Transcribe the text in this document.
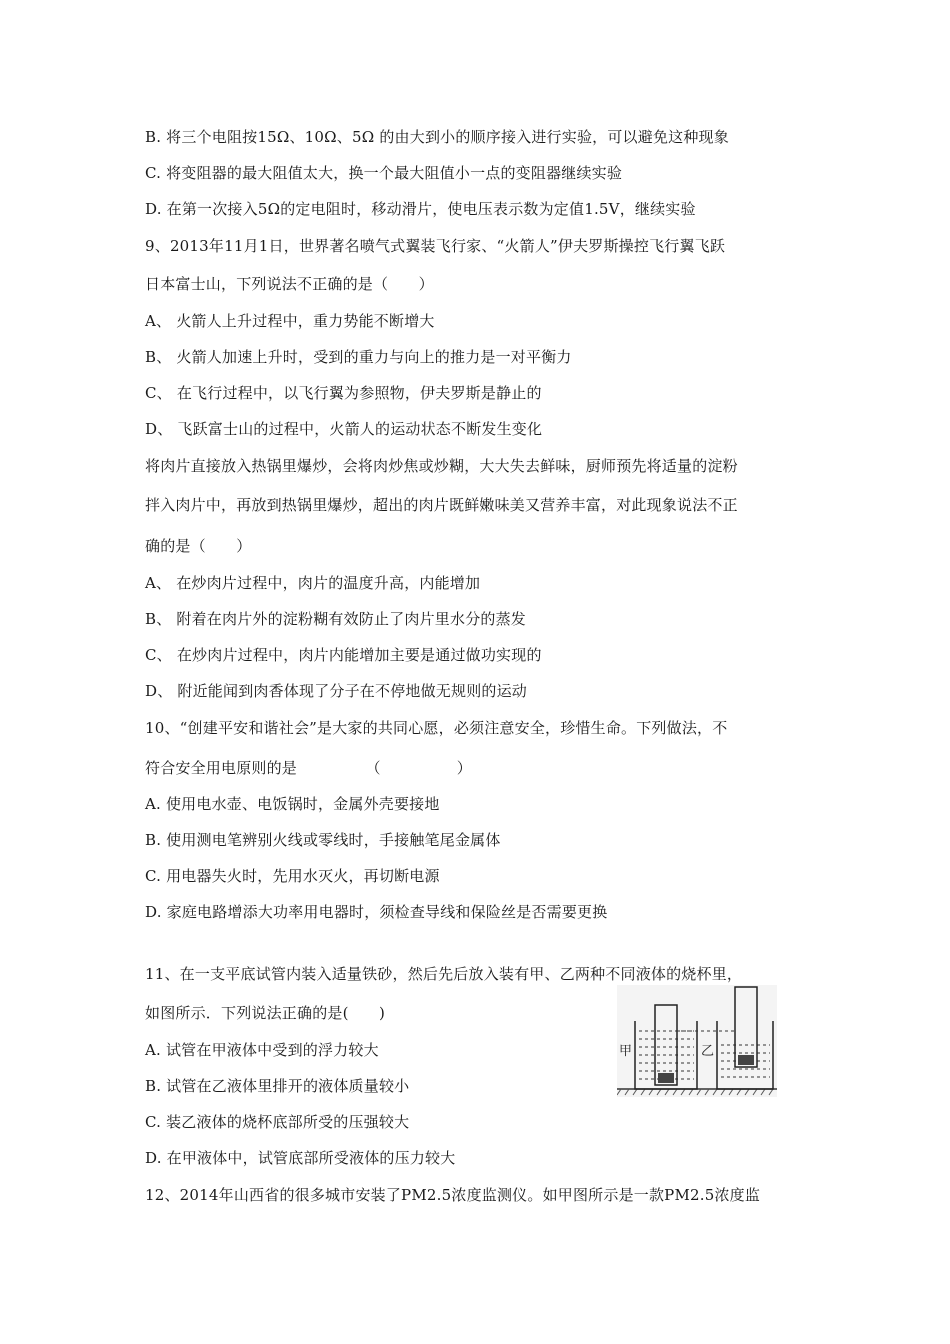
B. 将三个电阻按15Ω、10Ω、5Ω 的由大到小的顺序接入进行实验，可以避免这种现象
C. 将变阻器的最大阻值太大，换一个最大阻值小一点的变阻器继续实验
D. 在第一次接入5Ω的定电阻时，移动滑片，使电压表示数为定值1.5V，继续实验
9、2013年11月1日，世界著名喷气式翼装飞行家、“火箭人”伊夫罗斯操控飞行翼飞跃
日本富士山，下列说法不正确的是（　　）
A、 火箭人上升过程中，重力势能不断增大
B、 火箭人加速上升时，受到的重力与向上的推力是一对平衡力
C、 在飞行过程中，以飞行翼为参照物，伊夫罗斯是静止的
D、 飞跃富士山的过程中，火箭人的运动状态不断发生变化
将肉片直接放入热锅里爆炒，会将肉炒焦或炒糊，大大失去鲜味，厨师预先将适量的淀粉
拌入肉片中，再放到热锅里爆炒，超出的肉片既鲜嫩味美又营养丰富，对此现象说法不正
确的是（　　）
A、 在炒肉片过程中，肉片的温度升高，内能增加
B、 附着在肉片外的淀粉糊有效防止了肉片里水分的蒸发
C、 在炒肉片过程中，肉片内能增加主要是通过做功实现的
D、 附近能闻到肉香体现了分子在不停地做无规则的运动
10、“创建平安和谐社会”是大家的共同心愿，必须注意安全，珍惜生命。下列做法，不
符合安全用电原则的是　　　　　（　　　　　）
A. 使用电水壶、电饭锅时，金属外壳要接地
B. 使用测电笔辨别火线或零线时，手接触笔尾金属体
C. 用电器失火时，先用水灭火，再切断电源
D. 家庭电路增添大功率用电器时，须检查导线和保险丝是否需要更换
11、在一支平底试管内装入适量铁砂，然后先后放入装有甲、乙两种不同液体的烧杯里，
如图所示．下列说法正确的是(　　)
A. 试管在甲液体中受到的浮力较大
B. 试管在乙液体里排开的液体质量较小
C. 装乙液体的烧杯底部所受的压强较大
D. 在甲液体中，试管底部所受液体的压力较大
12、2014年山西省的很多城市安装了PM2.5浓度监测仪。如甲图所示是一款PM2.5浓度监
甲	乙
